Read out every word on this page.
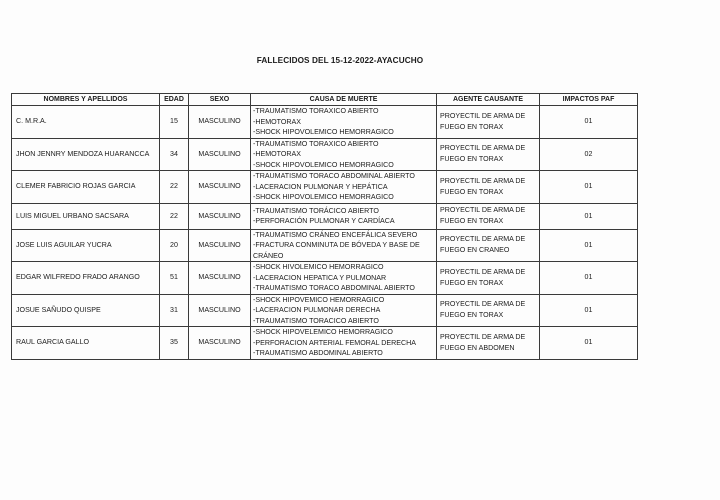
FALLECIDOS DEL 15-12-2022-AYACUCHO
NOMBRES Y APELLIDOS	EDAD	SEXO	CAUSA DE MUERTE	AGENTE CAUSANTE	IMPACTOS PAF
C. M.R.A.	15	MASCULINO	-TRAUMATISMO TORAXICO ABIERTO
-HEMOTORAX
-SHOCK HIPOVOLEMICO HEMORRAGICO	PROYECTIL DE ARMA DE FUEGO EN TORAX	01
JHON JENNRY MENDOZA HUARANCCA	34	MASCULINO	-TRAUMATISMO TORAXICO ABIERTO
-HEMOTORAX
-SHOCK HIPOVOLEMICO HEMORRAGICO	PROYECTIL DE ARMA DE FUEGO EN TORAX	02
CLEMER FABRICIO ROJAS GARCIA	22	MASCULINO	-TRAUMATISMO TORACO ABDOMINAL ABIERTO
-LACERACION PULMONAR Y HEPÁTICA
-SHOCK HIPOVOLEMICO HEMORRAGICO	PROYECTIL DE ARMA DE FUEGO EN TORAX	01
LUIS MIGUEL URBANO SACSARA	22	MASCULINO	-TRAUMATISMO TORÁCICO ABIERTO
-PERFORACIÓN PULMONAR Y CARDÍACA	PROYECTIL DE ARMA DE FUEGO EN TORAX	01
JOSE LUIS AGUILAR YUCRA	20	MASCULINO	-TRAUMATISMO CRÁNEO ENCEFÁLICA SEVERO
-FRACTURA CONMINUTA DE BÓVEDA Y BASE DE
CRÁNEO	PROYECTIL DE ARMA DE FUEGO EN CRANEO	01
EDGAR WILFREDO FRADO ARANGO	51	MASCULINO	-SHOCK HIVOLEMICO HEMORRAGICO
-LACERACION HEPATICA Y PULMONAR
-TRAUMATISMO TORACO ABDOMINAL ABIERTO	PROYECTIL DE ARMA DE FUEGO EN TORAX	01
JOSUE SAÑUDO QUISPE	31	MASCULINO	-SHOCK HIPOVEMICO HEMORRAGICO
-LACERACION PULMONAR DERECHA
-TRAUMATISMO TORACICO ABIERTO	PROYECTIL DE ARMA DE FUEGO EN TORAX	01
RAUL GARCIA GALLO	35	MASCULINO	-SHOCK HIPOVELEMICO HEMORRAGICO
-PERFORACION ARTERIAL FEMORAL DERECHA
-TRAUMATISMO ABDOMINAL ABIERTO	PROYECTIL DE ARMA DE FUEGO EN ABDOMEN	01
